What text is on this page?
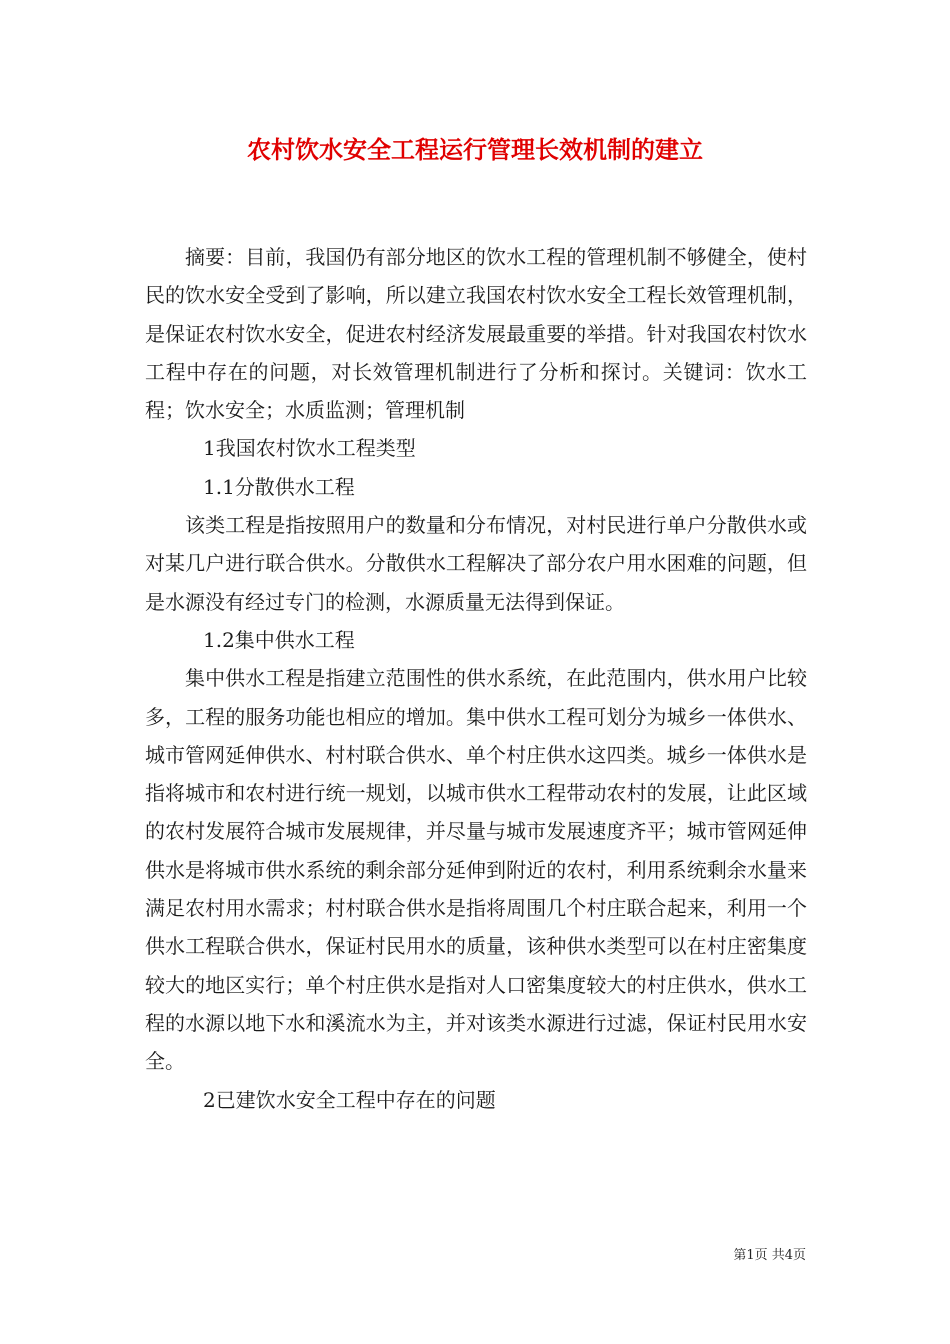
农村饮水安全工程运行管理长效机制的建立

摘要：目前，我国仍有部分地区的饮水工程的管理机制不够健全，使村民的饮水安全受到了影响，所以建立我国农村饮水安全工程长效管理机制，是保证农村饮水安全，促进农村经济发展最重要的举措。针对我国农村饮水工程中存在的问题，对长效管理机制进行了分析和探讨。关键词：饮水工程；饮水安全；水质监测；管理机制

1我国农村饮水工程类型

1.1分散供水工程

该类工程是指按照用户的数量和分布情况，对村民进行单户分散供水或对某几户进行联合供水。分散供水工程解决了部分农户用水困难的问题，但是水源没有经过专门的检测，水源质量无法得到保证。

1.2集中供水工程

集中供水工程是指建立范围性的供水系统，在此范围内，供水用户比较多，工程的服务功能也相应的增加。集中供水工程可划分为城乡一体供水、城市管网延伸供水、村村联合供水、单个村庄供水这四类。城乡一体供水是指将城市和农村进行统一规划，以城市供水工程带动农村的发展，让此区域的农村发展符合城市发展规律，并尽量与城市发展速度齐平；城市管网延伸供水是将城市供水系统的剩余部分延伸到附近的农村，利用系统剩余水量来满足农村用水需求；村村联合供水是指将周围几个村庄联合起来，利用一个供水工程联合供水，保证村民用水的质量，该种供水类型可以在村庄密集度较大的地区实行；单个村庄供水是指对人口密集度较大的村庄供水，供水工程的水源以地下水和溪流水为主，并对该类水源进行过滤，保证村民用水安全。

2已建饮水安全工程中存在的问题

第1页 共4页
